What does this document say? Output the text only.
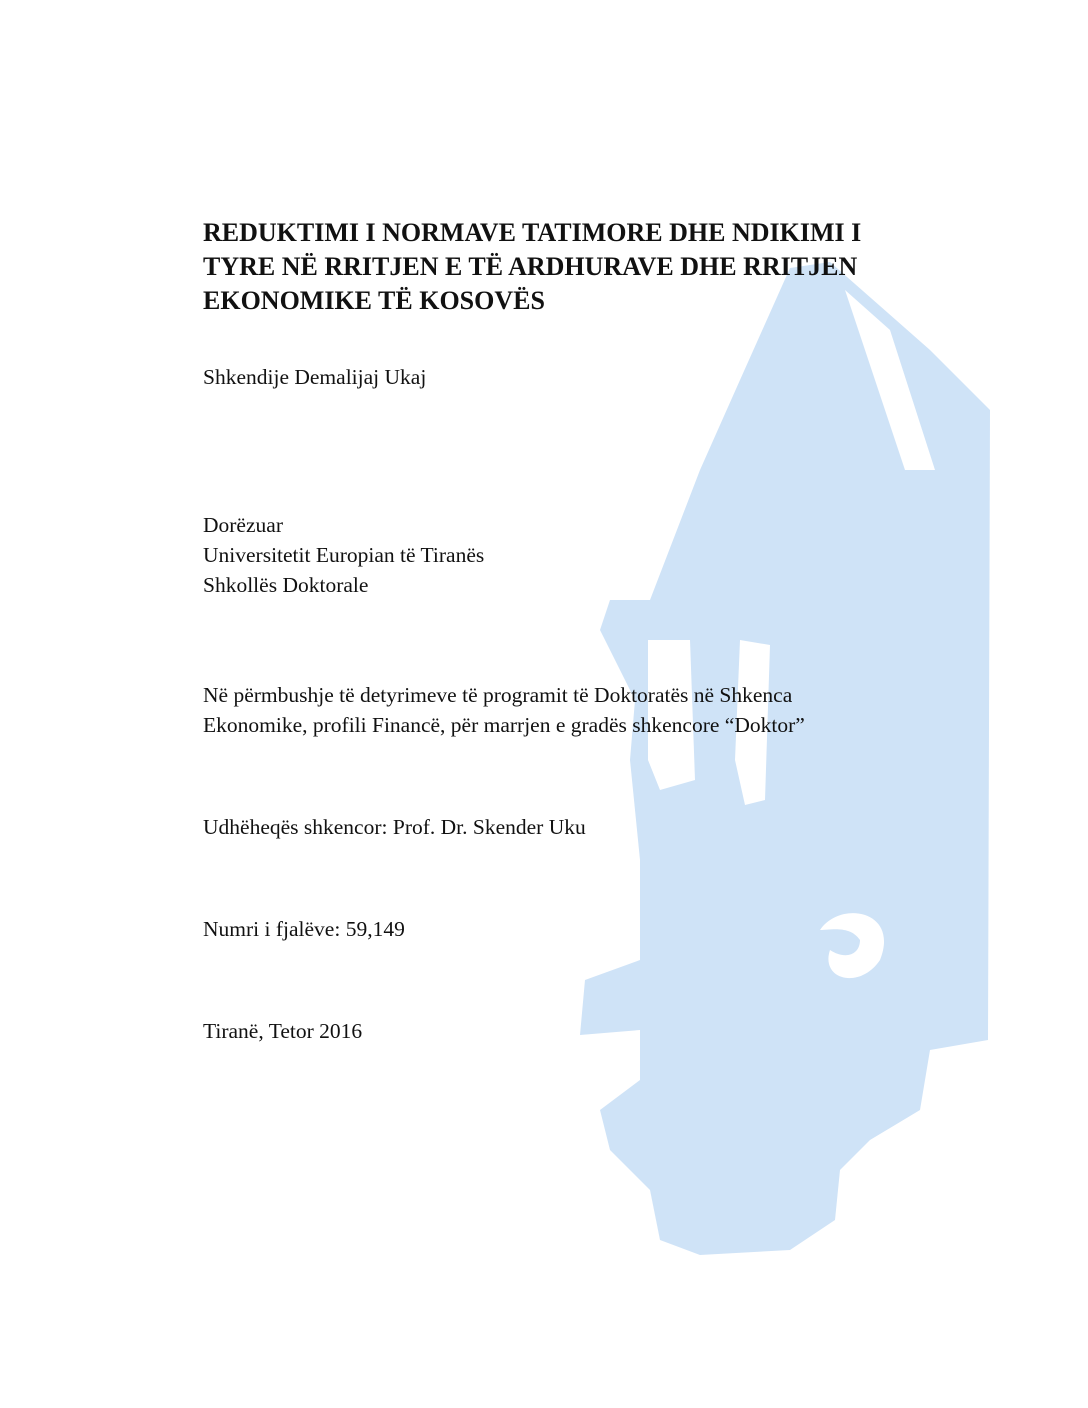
REDUKTIMI I NORMAVE TATIMORE DHE NDIKIMI I
TYRE NË RRITJEN E TË ARDHURAVE DHE RRITJEN
EKONOMIKE TË KOSOVËS
Shkendije Demalijaj Ukaj
Dorëzuar
Universitetit Europian të Tiranës
Shkollës Doktorale
Në përmbushje të detyrimeve të programit të Doktoratës në Shkenca
Ekonomike, profili Financë, për marrjen e gradës shkencore “Doktor”
Udhëheqës shkencor: Prof. Dr. Skender Uku
Numri i fjalëve: 59,149
Tiranë, Tetor 2016
